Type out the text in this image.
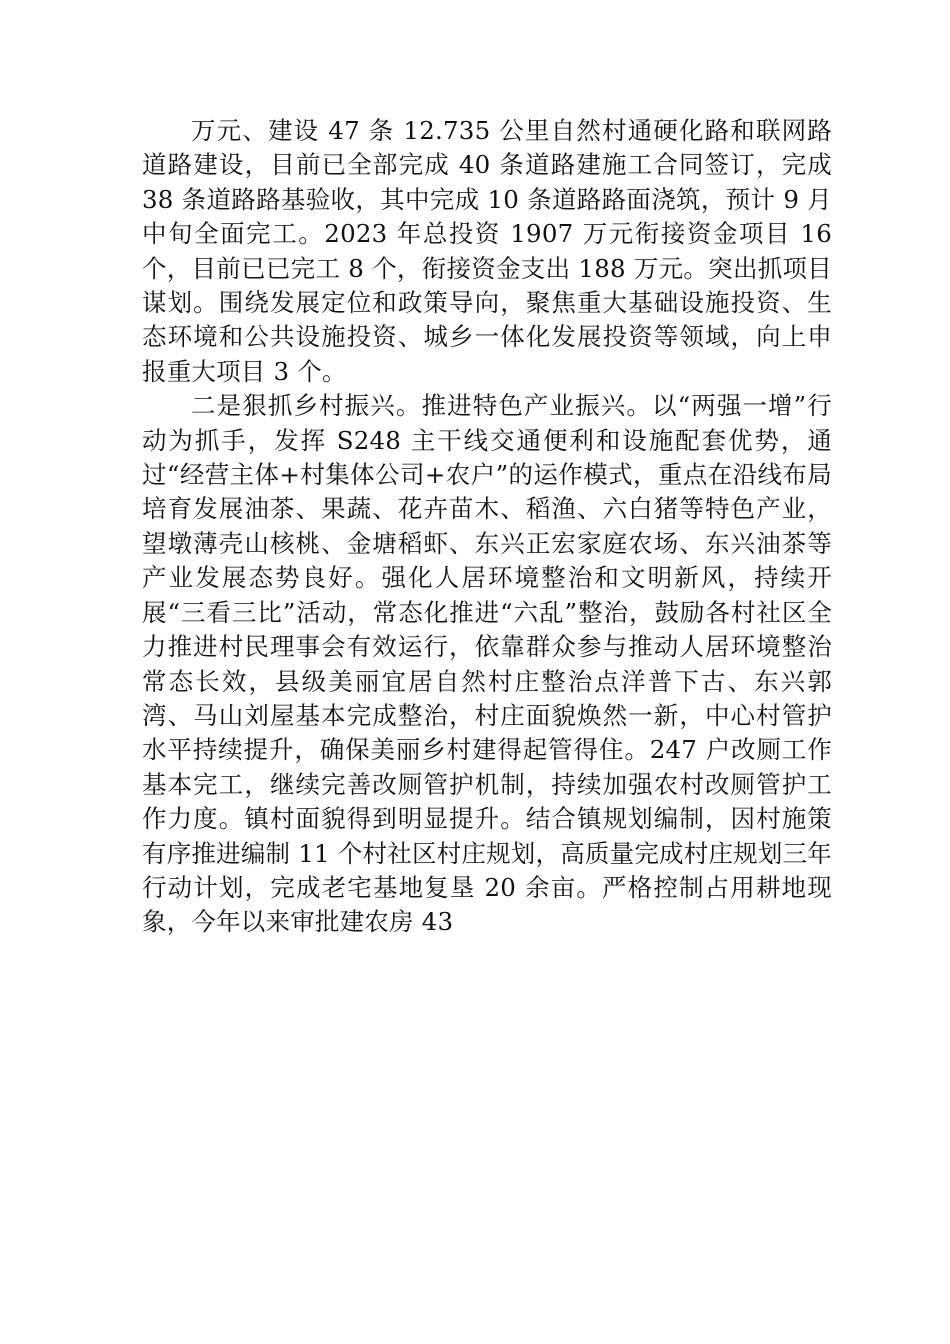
万元、建设 47 条 12.735 公里自然村通硬化路和联网路道路建设，目前已全部完成 40 条道路建施工合同签订，完成 38 条道路路基验收，其中完成 10 条道路路面浇筑，预计 9 月中旬全面完工。2023 年总投资 1907 万元衔接资金项目 16 个，目前已已完工 8 个，衔接资金支出 188 万元。突出抓项目谋划。围绕发展定位和政策导向，聚焦重大基础设施投资、生态环境和公共设施投资、城乡一体化发展投资等领域，向上申报重大项目 3 个。

二是狠抓乡村振兴。推进特色产业振兴。以“两强一增”行动为抓手，发挥 S248 主干线交通便利和设施配套优势，通过“经营主体+村集体公司+农户”的运作模式，重点在沿线布局培育发展油茶、果蔬、花卉苗木、稻渔、六白猪等特色产业，望墩薄壳山核桃、金塘稻虾、东兴正宏家庭农场、东兴油茶等产业发展态势良好。强化人居环境整治和文明新风，持续开展“三看三比”活动，常态化推进“六乱”整治，鼓励各村社区全力推进村民理事会有效运行，依靠群众参与推动人居环境整治常态长效，县级美丽宜居自然村庄整治点洋普下古、东兴郭湾、马山刘屋基本完成整治，村庄面貌焕然一新，中心村管护水平持续提升，确保美丽乡村建得起管得住。247 户改厕工作基本完工，继续完善改厕管护机制，持续加强农村改厕管护工作力度。镇村面貌得到明显提升。结合镇规划编制，因村施策有序推进编制 11 个村社区村庄规划，高质量完成村庄规划三年行动计划，完成老宅基地复垦 20 余亩。严格控制占用耕地现象，今年以来审批建农房 43
